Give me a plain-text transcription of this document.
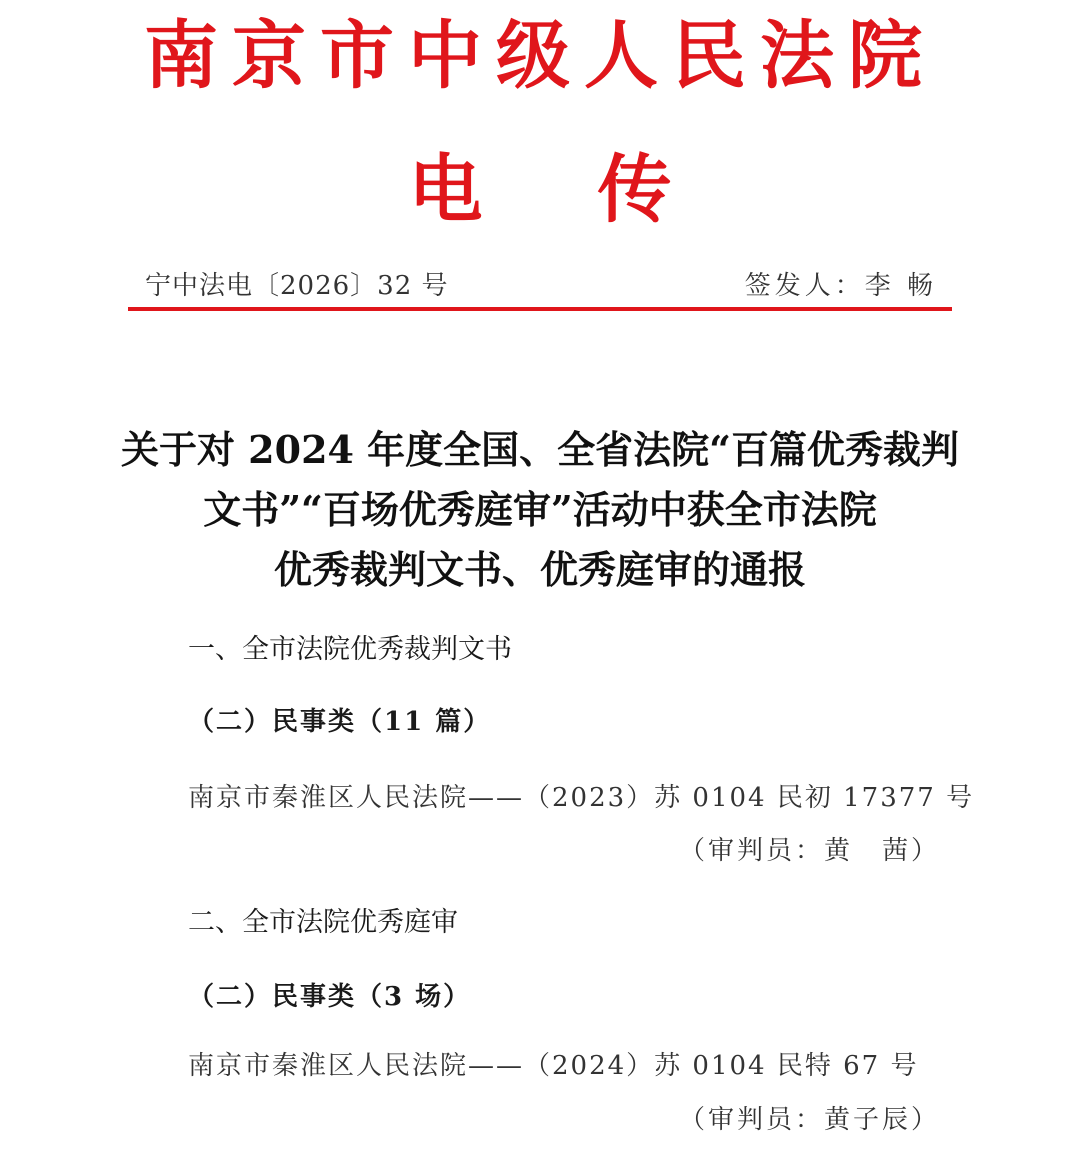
南京市中级人民法院
电传
宁中法电〔2026〕32 号	签发人：李 畅
关于对 2024 年度全国、全省法院“百篇优秀裁判
文书”“百场优秀庭审”活动中获全市法院
优秀裁判文书、优秀庭审的通报
一、全市法院优秀裁判文书
（二）民事类（11 篇）
南京市秦淮区人民法院——（2023）苏 0104 民初 17377 号
（审判员：黄　茜）
二、全市法院优秀庭审
（二）民事类（3 场）
南京市秦淮区人民法院——（2024）苏 0104 民特 67 号
（审判员：黄子辰）
